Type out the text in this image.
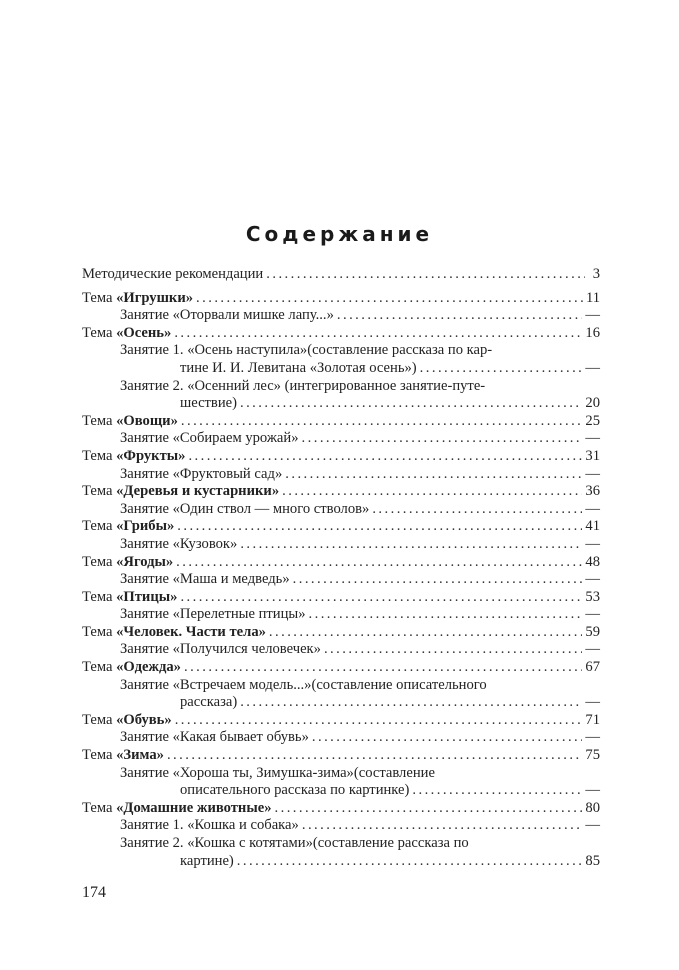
Содержание
Методические рекомендации . . .	3
Тема «Игрушки» . . .	11
Занятие «Оторвали мишке лапу...» . . .	—
Тема «Осень» . . .	16
Занятие 1. «Осень наступила»(составление рассказа по кар-
тине И. И. Левитана «Золотая осень») . . .	—
Занятие 2. «Осенний лес» (интегрированное занятие-путе-
шествие) . . .	20
Тема «Овощи» . . .	25
Занятие «Собираем урожай» . . .	—
Тема «Фрукты» . . .	31
Занятие «Фруктовый сад» . . .	—
Тема «Деревья и кустарники» . . .	36
Занятие «Один ствол — много стволов» . . .	—
Тема «Грибы» . . .	41
Занятие «Кузовок» . . .	—
Тема «Ягоды» . . .	48
Занятие «Маша и медведь» . . .	—
Тема «Птицы» . . .	53
Занятие «Перелетные птицы» . . .	—
Тема «Человек. Части тела» . . .	59
Занятие «Получился человечек» . . .	—
Тема «Одежда» . . .	67
Занятие «Встречаем модель...»(составление описательного
рассказа) . . .	—
Тема «Обувь» . . .	71
Занятие «Какая бывает обувь» . . .	—
Тема «Зима» . . .	75
Занятие «Хороша ты, Зимушка-зима»(составление
описательного рассказа по картинке) . . .	—
Тема «Домашние животные» . . .	80
Занятие 1. «Кошка и собака» . . .	—
Занятие 2. «Кошка с котятами»(составление рассказа по
картине) . . .	85
174
